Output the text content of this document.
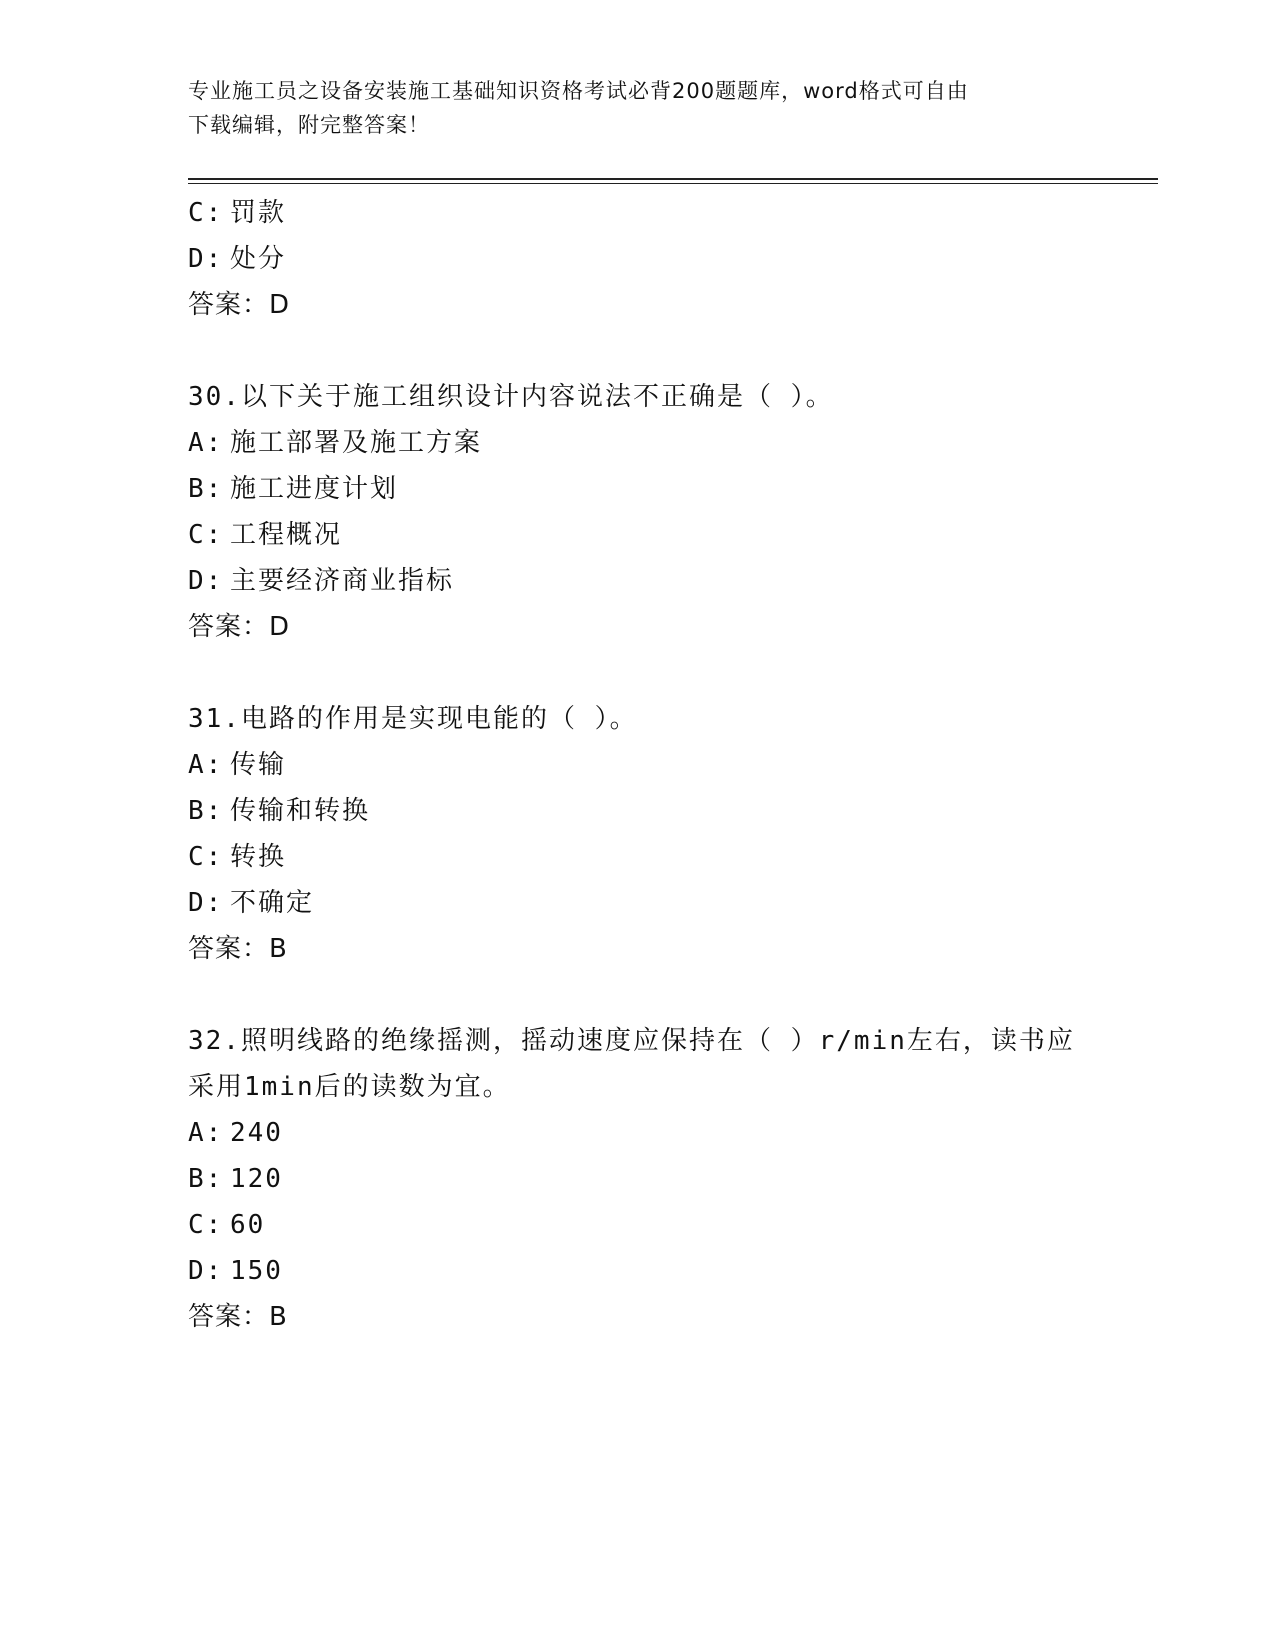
专业施工员之设备安装施工基础知识资格考试必背200题题库，word格式可自由
下载编辑，附完整答案！
C: 罚款
D: 处分
答案：D
30.以下关于施工组织设计内容说法不正确是（ ）。
A: 施工部署及施工方案
B: 施工进度计划
C: 工程概况
D: 主要经济商业指标
答案：D
31.电路的作用是实现电能的（ ）。
A: 传输
B: 传输和转换
C: 转换
D: 不确定
答案：B
32.照明线路的绝缘摇测，摇动速度应保持在（ ）r/min左右，读书应
采用1min后的读数为宜。
A: 240
B: 120
C: 60
D: 150
答案：B
